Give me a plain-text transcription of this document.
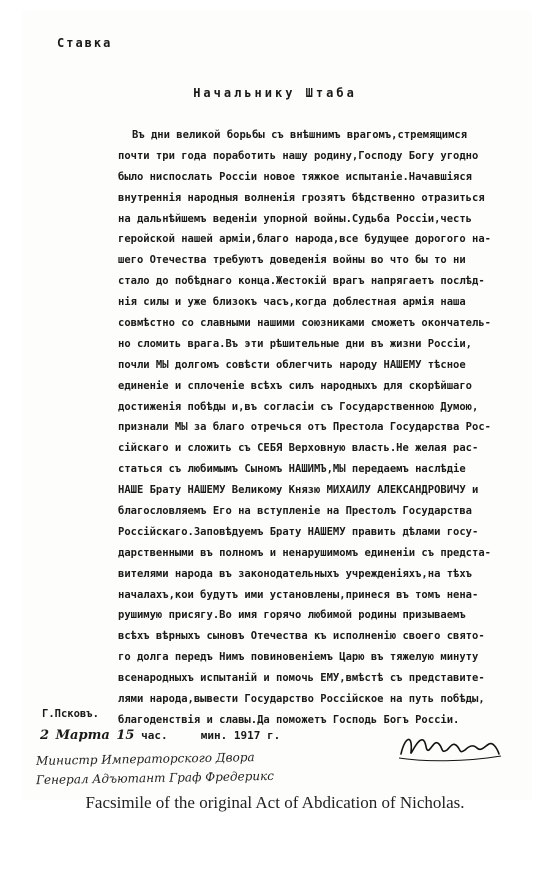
Ставка
Начальнику Штаба
Въ дни великой борьбы съ внѣшнимъ врагомъ,стремящимся
почти три года поработить нашу родину,Господу Богу угодно
было ниспослать Россіи новое тяжкое испытаніе.Начавшіяся
внутреннія народныя волненія грозятъ бѣдственно отразиться
на дальнѣйшемъ веденіи упорной войны.Судьба Россіи,честь
геройской нашей арміи,благо народа,все будущее дорогого на-
шего Отечества требуютъ доведенія войны во что бы то ни
стало до побѣднаго конца.Жестокій врагъ напрягаетъ послѣд-
нія силы и уже близокъ часъ,когда доблестная армія наша
совмѣстно со славными нашими союзниками сможетъ окончатель-
но сломить врага.Въ эти рѣшительные дни въ жизни Россіи,
почли МЫ долгомъ совѣсти облегчить народу НАШЕМУ тѣсное
единеніе и сплоченіе всѣхъ силъ народныхъ для скорѣйшаго
достиженія побѣды и,въ согласіи съ Государственною Думою,
признали МЫ за благо отречься отъ Престола Государства Рос-
сійскаго и сложить съ СЕБЯ Верховную власть.Не желая рас-
статься съ любимымъ Сыномъ НАШИМЪ,МЫ передаемъ наслѣдіе
НАШЕ Брату НАШЕМУ Великому Князю МИХАИЛУ АЛЕКСАНДРОВИЧУ и
благословляемъ Его на вступленіе на Престолъ Государства
Россійскаго.Заповѣдуемъ Брату НАШЕМУ править дѣлами госу-
дарственными въ полномъ и ненарушимомъ единеніи съ предста-
вителями народа въ законодательныхъ учрежденіяхъ,на тѣхъ
началахъ,кои будутъ ими установлены,принеся въ томъ нена-
рушимую присягу.Во имя горячо любимой родины призываемъ
всѣхъ вѣрныхъ сыновъ Отечества къ исполненію своего свято-
го долга передъ Нимъ повиновеніемъ Царю въ тяжелую минуту
всенародныхъ испытаній и помочь ЕМУ,вмѣстѣ съ представите-
лями народа,вывести Государство Россійское на путь побѣды,
благоденствія и славы.Да поможетъ Господь Богъ Россіи.
Г.Псковъ.
2 Марта 15 час.	мин. 1917 г.
Министр Императорского Двора
Генерал Адъютант Граф Фредерикс
Facsimile of the original Act of Abdication of Nicholas.
